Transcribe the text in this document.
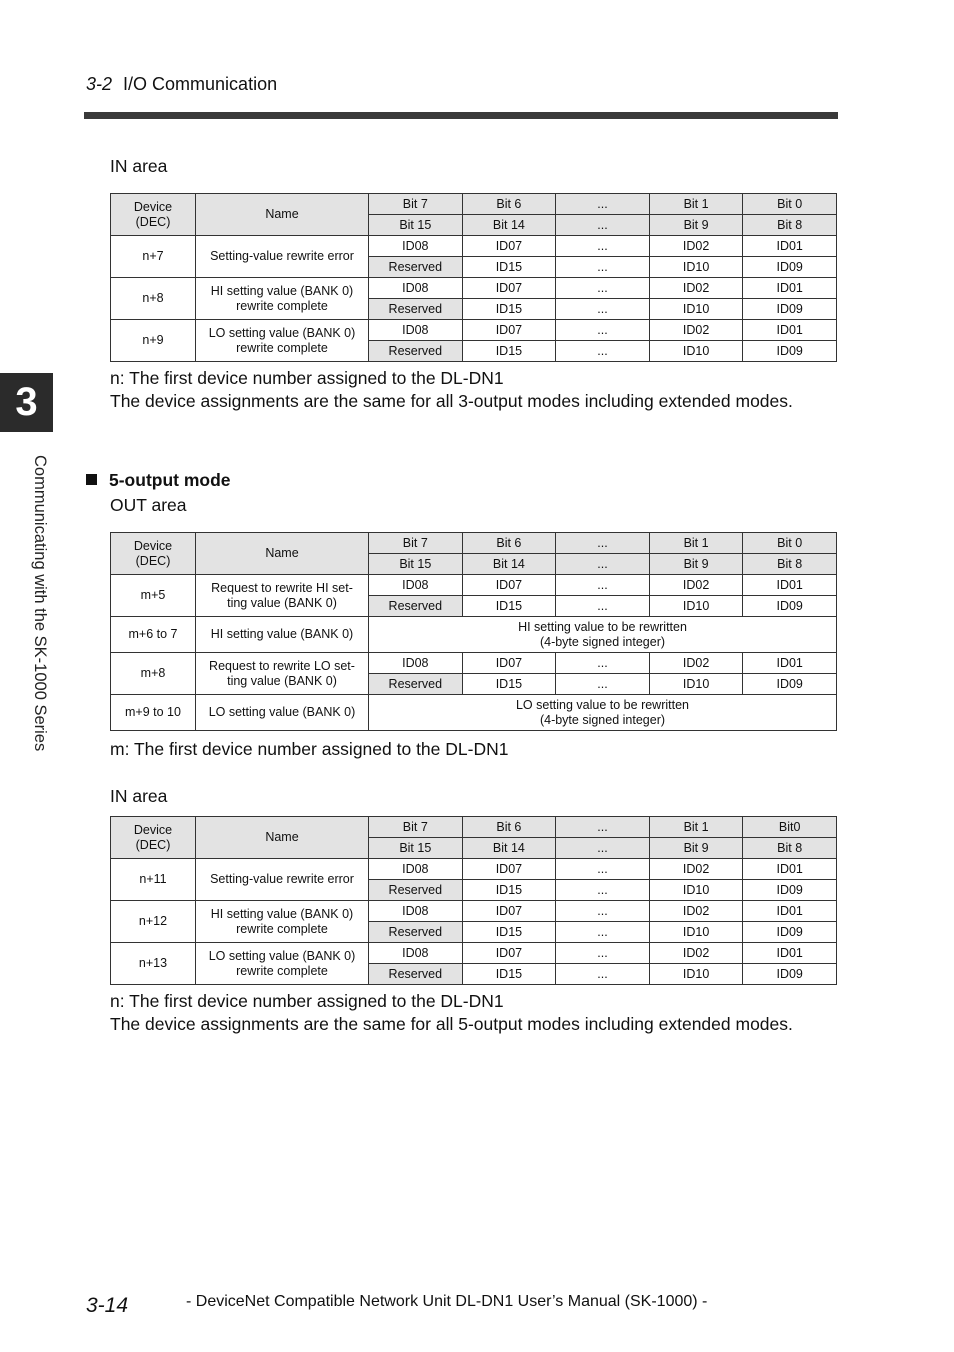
3-2 I/O Communication
3
Communicating with the SK-1000 Series
IN area
Device
(DEC)	Name	Bit 7	Bit 6	...	Bit 1	Bit 0
		Bit 15	Bit 14	...	Bit 9	Bit 8
n+7	Setting-value rewrite error	ID08	ID07	...	ID02	ID01
		Reserved	ID15	...	ID10	ID09
n+8	HI setting value (BANK 0)
rewrite complete	ID08	ID07	...	ID02	ID01
		Reserved	ID15	...	ID10	ID09
n+9	LO setting value (BANK 0)
rewrite complete	ID08	ID07	...	ID02	ID01
		Reserved	ID15	...	ID10	ID09
n: The first device number assigned to the DL-DN1
The device assignments are the same for all 3-output modes including extended modes.
5-output mode
OUT area
Device
(DEC)	Name	Bit 7	Bit 6	...	Bit 1	Bit 0
		Bit 15	Bit 14	...	Bit 9	Bit 8
m+5	Request to rewrite HI set-
ting value (BANK 0)	ID08	ID07	...	ID02	ID01
		Reserved	ID15	...	ID10	ID09
m+6 to 7	HI setting value (BANK 0)	HI setting value to be rewritten
(4-byte signed integer)				
m+8	Request to rewrite LO set-
ting value (BANK 0)	ID08	ID07	...	ID02	ID01
		Reserved	ID15	...	ID10	ID09
m+9 to 10	LO setting value (BANK 0)	LO setting value to be rewritten
(4-byte signed integer)				
m: The first device number assigned to the DL-DN1
IN area
Device
(DEC)	Name	Bit 7	Bit 6	...	Bit 1	Bit0
		Bit 15	Bit 14	...	Bit 9	Bit 8
n+11	Setting-value rewrite error	ID08	ID07	...	ID02	ID01
		Reserved	ID15	...	ID10	ID09
n+12	HI setting value (BANK 0)
rewrite complete	ID08	ID07	...	ID02	ID01
		Reserved	ID15	...	ID10	ID09
n+13	LO setting value (BANK 0)
rewrite complete	ID08	ID07	...	ID02	ID01
		Reserved	ID15	...	ID10	ID09
n: The first device number assigned to the DL-DN1
The device assignments are the same for all 5-output modes including extended modes.
3-14	- DeviceNet Compatible Network Unit DL-DN1 User’s Manual (SK-1000) -
